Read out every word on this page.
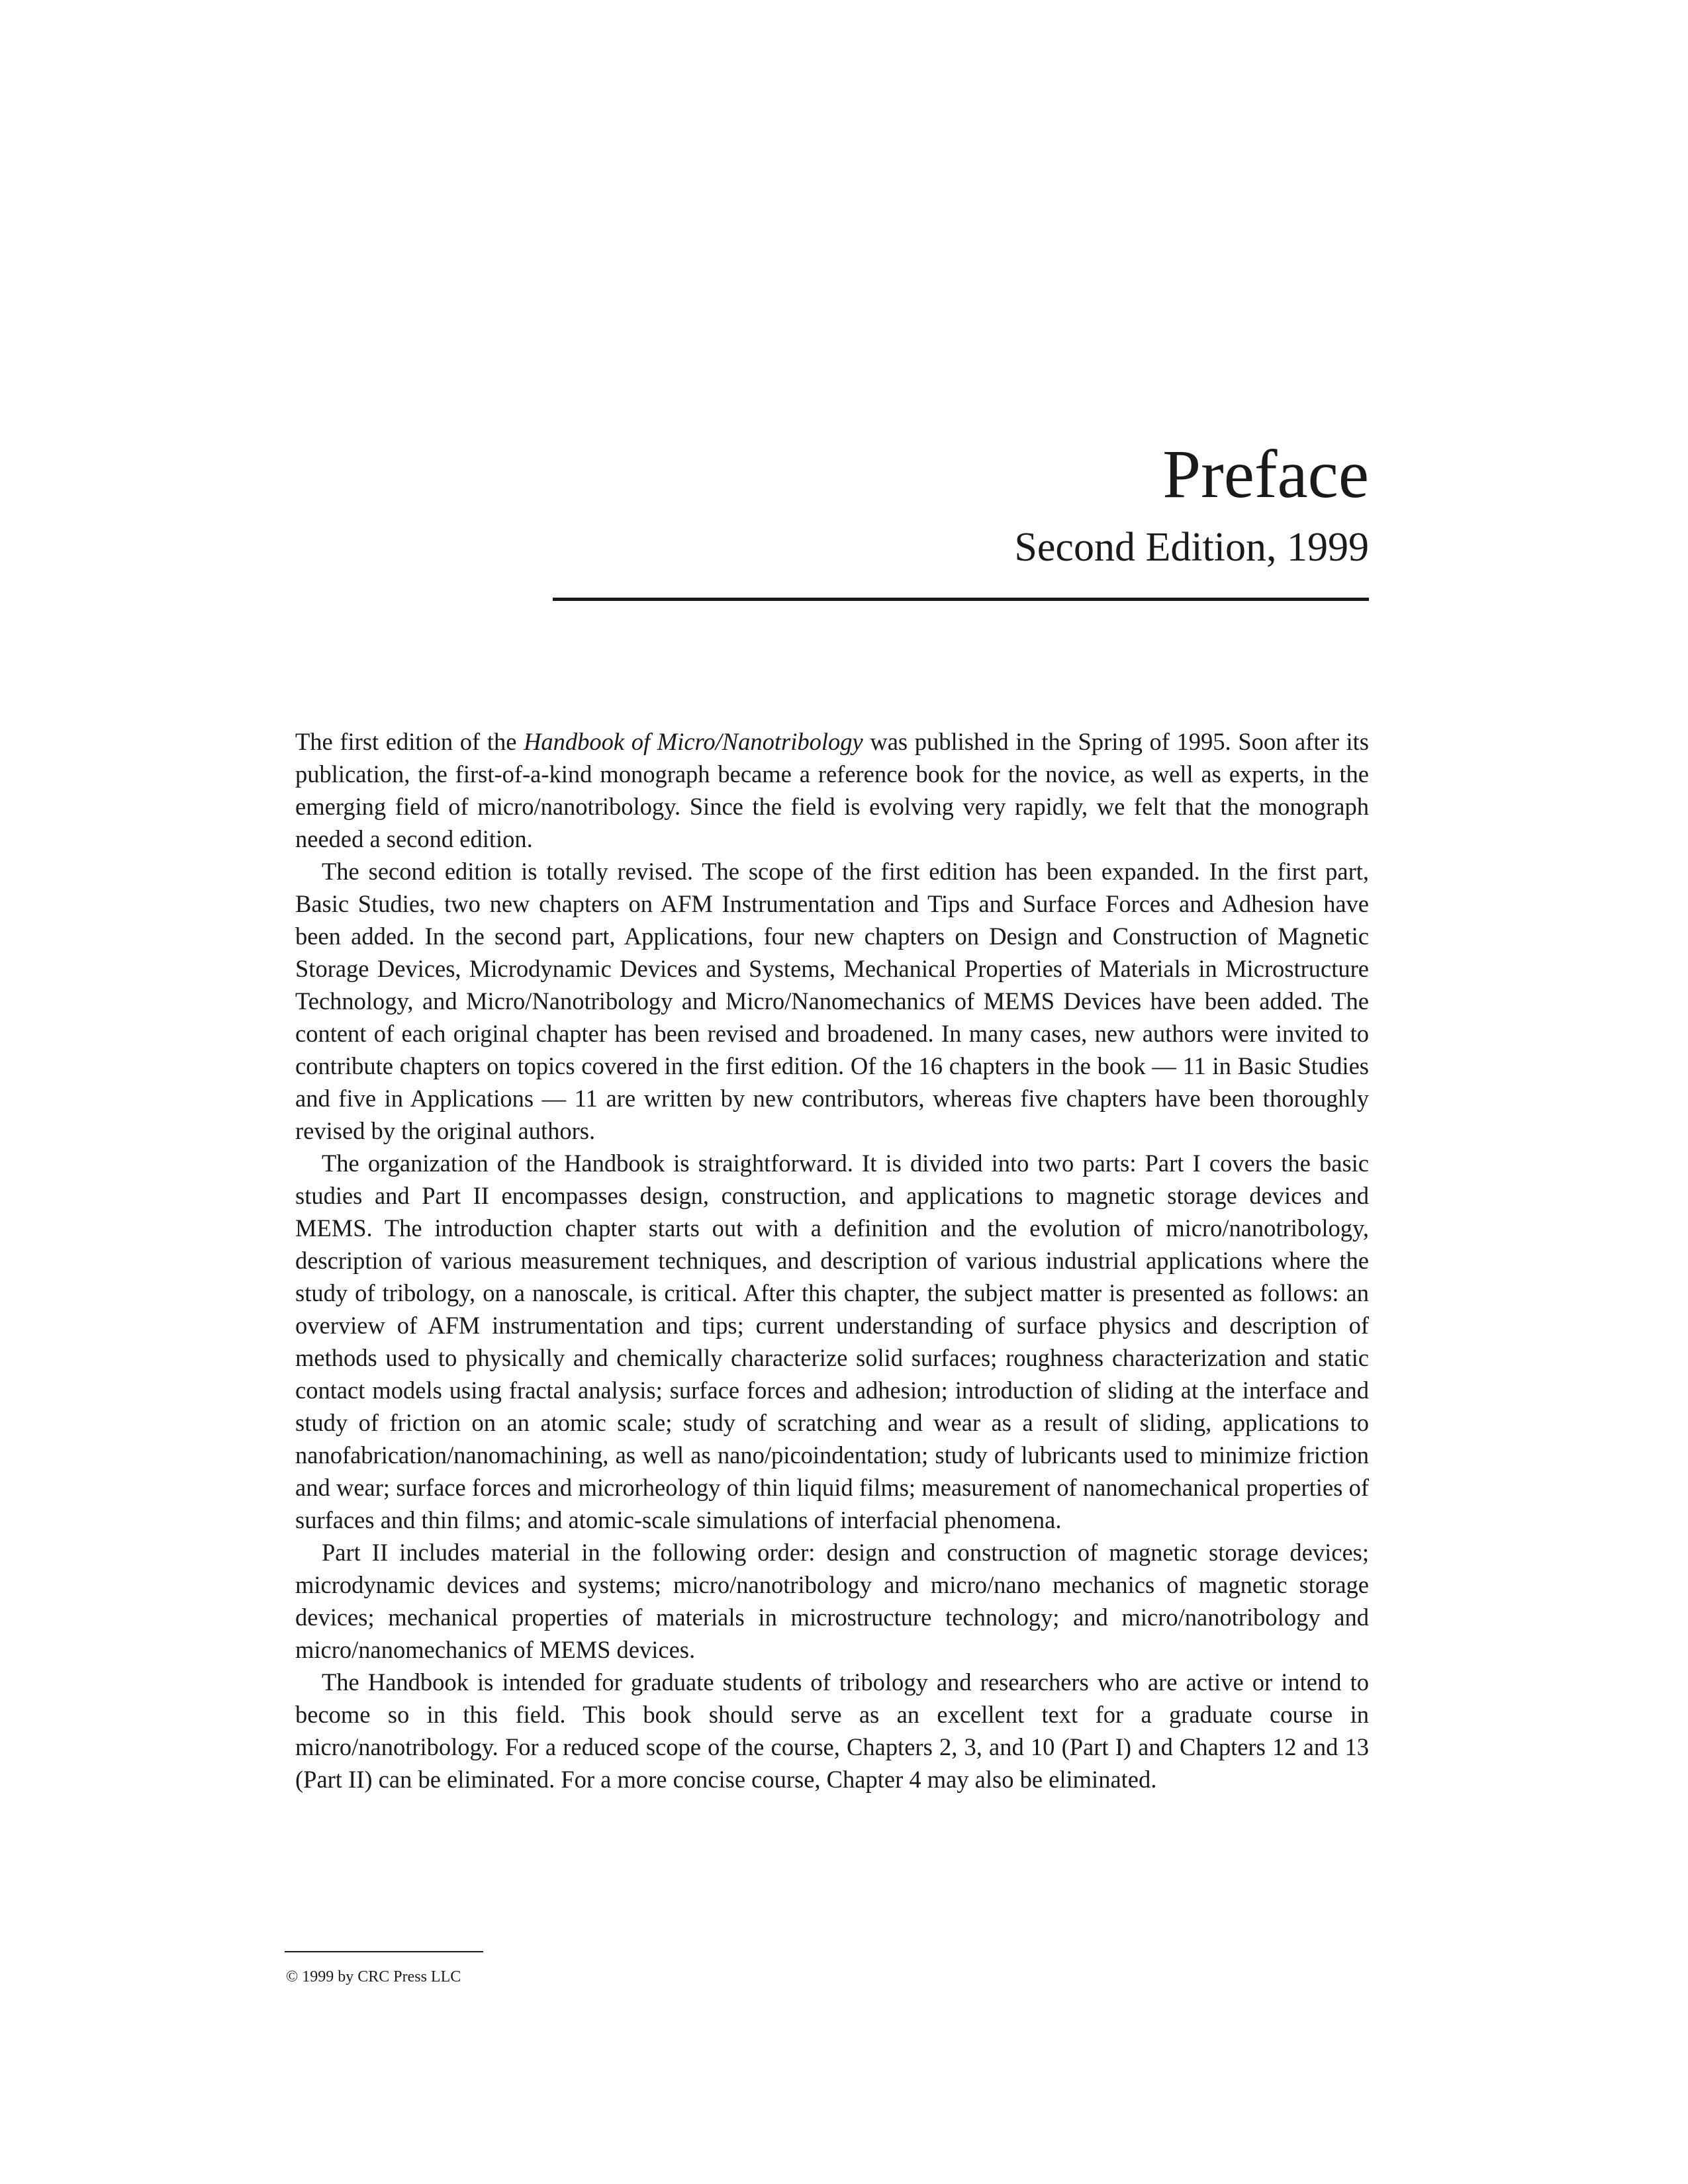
Preface
Second Edition, 1999

The first edition of the Handbook of Micro/Nanotribology was published in the Spring of 1995. Soon after its publication, the first-of-a-kind monograph became a reference book for the novice, as well as experts, in the emerging field of micro/nanotribology. Since the field is evolving very rapidly, we felt that the monograph needed a second edition.

The second edition is totally revised. The scope of the first edition has been expanded. In the first part, Basic Studies, two new chapters on AFM Instrumentation and Tips and Surface Forces and Adhesion have been added. In the second part, Applications, four new chapters on Design and Construction of Magnetic Storage Devices, Microdynamic Devices and Systems, Mechanical Properties of Materials in Microstructure Technology, and Micro/Nanotribology and Micro/Nanomechanics of MEMS Devices have been added. The content of each original chapter has been revised and broadened. In many cases, new authors were invited to contribute chapters on topics covered in the first edition. Of the 16 chapters in the book — 11 in Basic Studies and five in Applications — 11 are written by new contributors, whereas five chapters have been thoroughly revised by the original authors.

The organization of the Handbook is straightforward. It is divided into two parts: Part I covers the basic studies and Part II encompasses design, construction, and applications to magnetic storage devices and MEMS. The introduction chapter starts out with a definition and the evolution of micro/nanotribology, description of various measurement techniques, and description of various industrial applications where the study of tribology, on a nanoscale, is critical. After this chapter, the subject matter is presented as follows: an overview of AFM instrumentation and tips; current understanding of surface physics and description of methods used to physically and chemically characterize solid surfaces; roughness characterization and static contact models using fractal analysis; surface forces and adhesion; introduction of sliding at the interface and study of friction on an atomic scale; study of scratching and wear as a result of sliding, applications to nanofabrication/nanomachining, as well as nano/picoindentation; study of lubricants used to minimize friction and wear; surface forces and microrheology of thin liquid films; measurement of nanomechanical properties of surfaces and thin films; and atomic-scale simulations of interfacial phenomena.

Part II includes material in the following order: design and construction of magnetic storage devices; microdynamic devices and systems; micro/nanotribology and micro/nano mechanics of magnetic storage devices; mechanical properties of materials in microstructure technology; and micro/nanotribology and micro/nanomechanics of MEMS devices.

The Handbook is intended for graduate students of tribology and researchers who are active or intend to become so in this field. This book should serve as an excellent text for a graduate course in micro/nanotribology. For a reduced scope of the course, Chapters 2, 3, and 10 (Part I) and Chapters 12 and 13 (Part II) can be eliminated. For a more concise course, Chapter 4 may also be eliminated.

© 1999 by CRC Press LLC
